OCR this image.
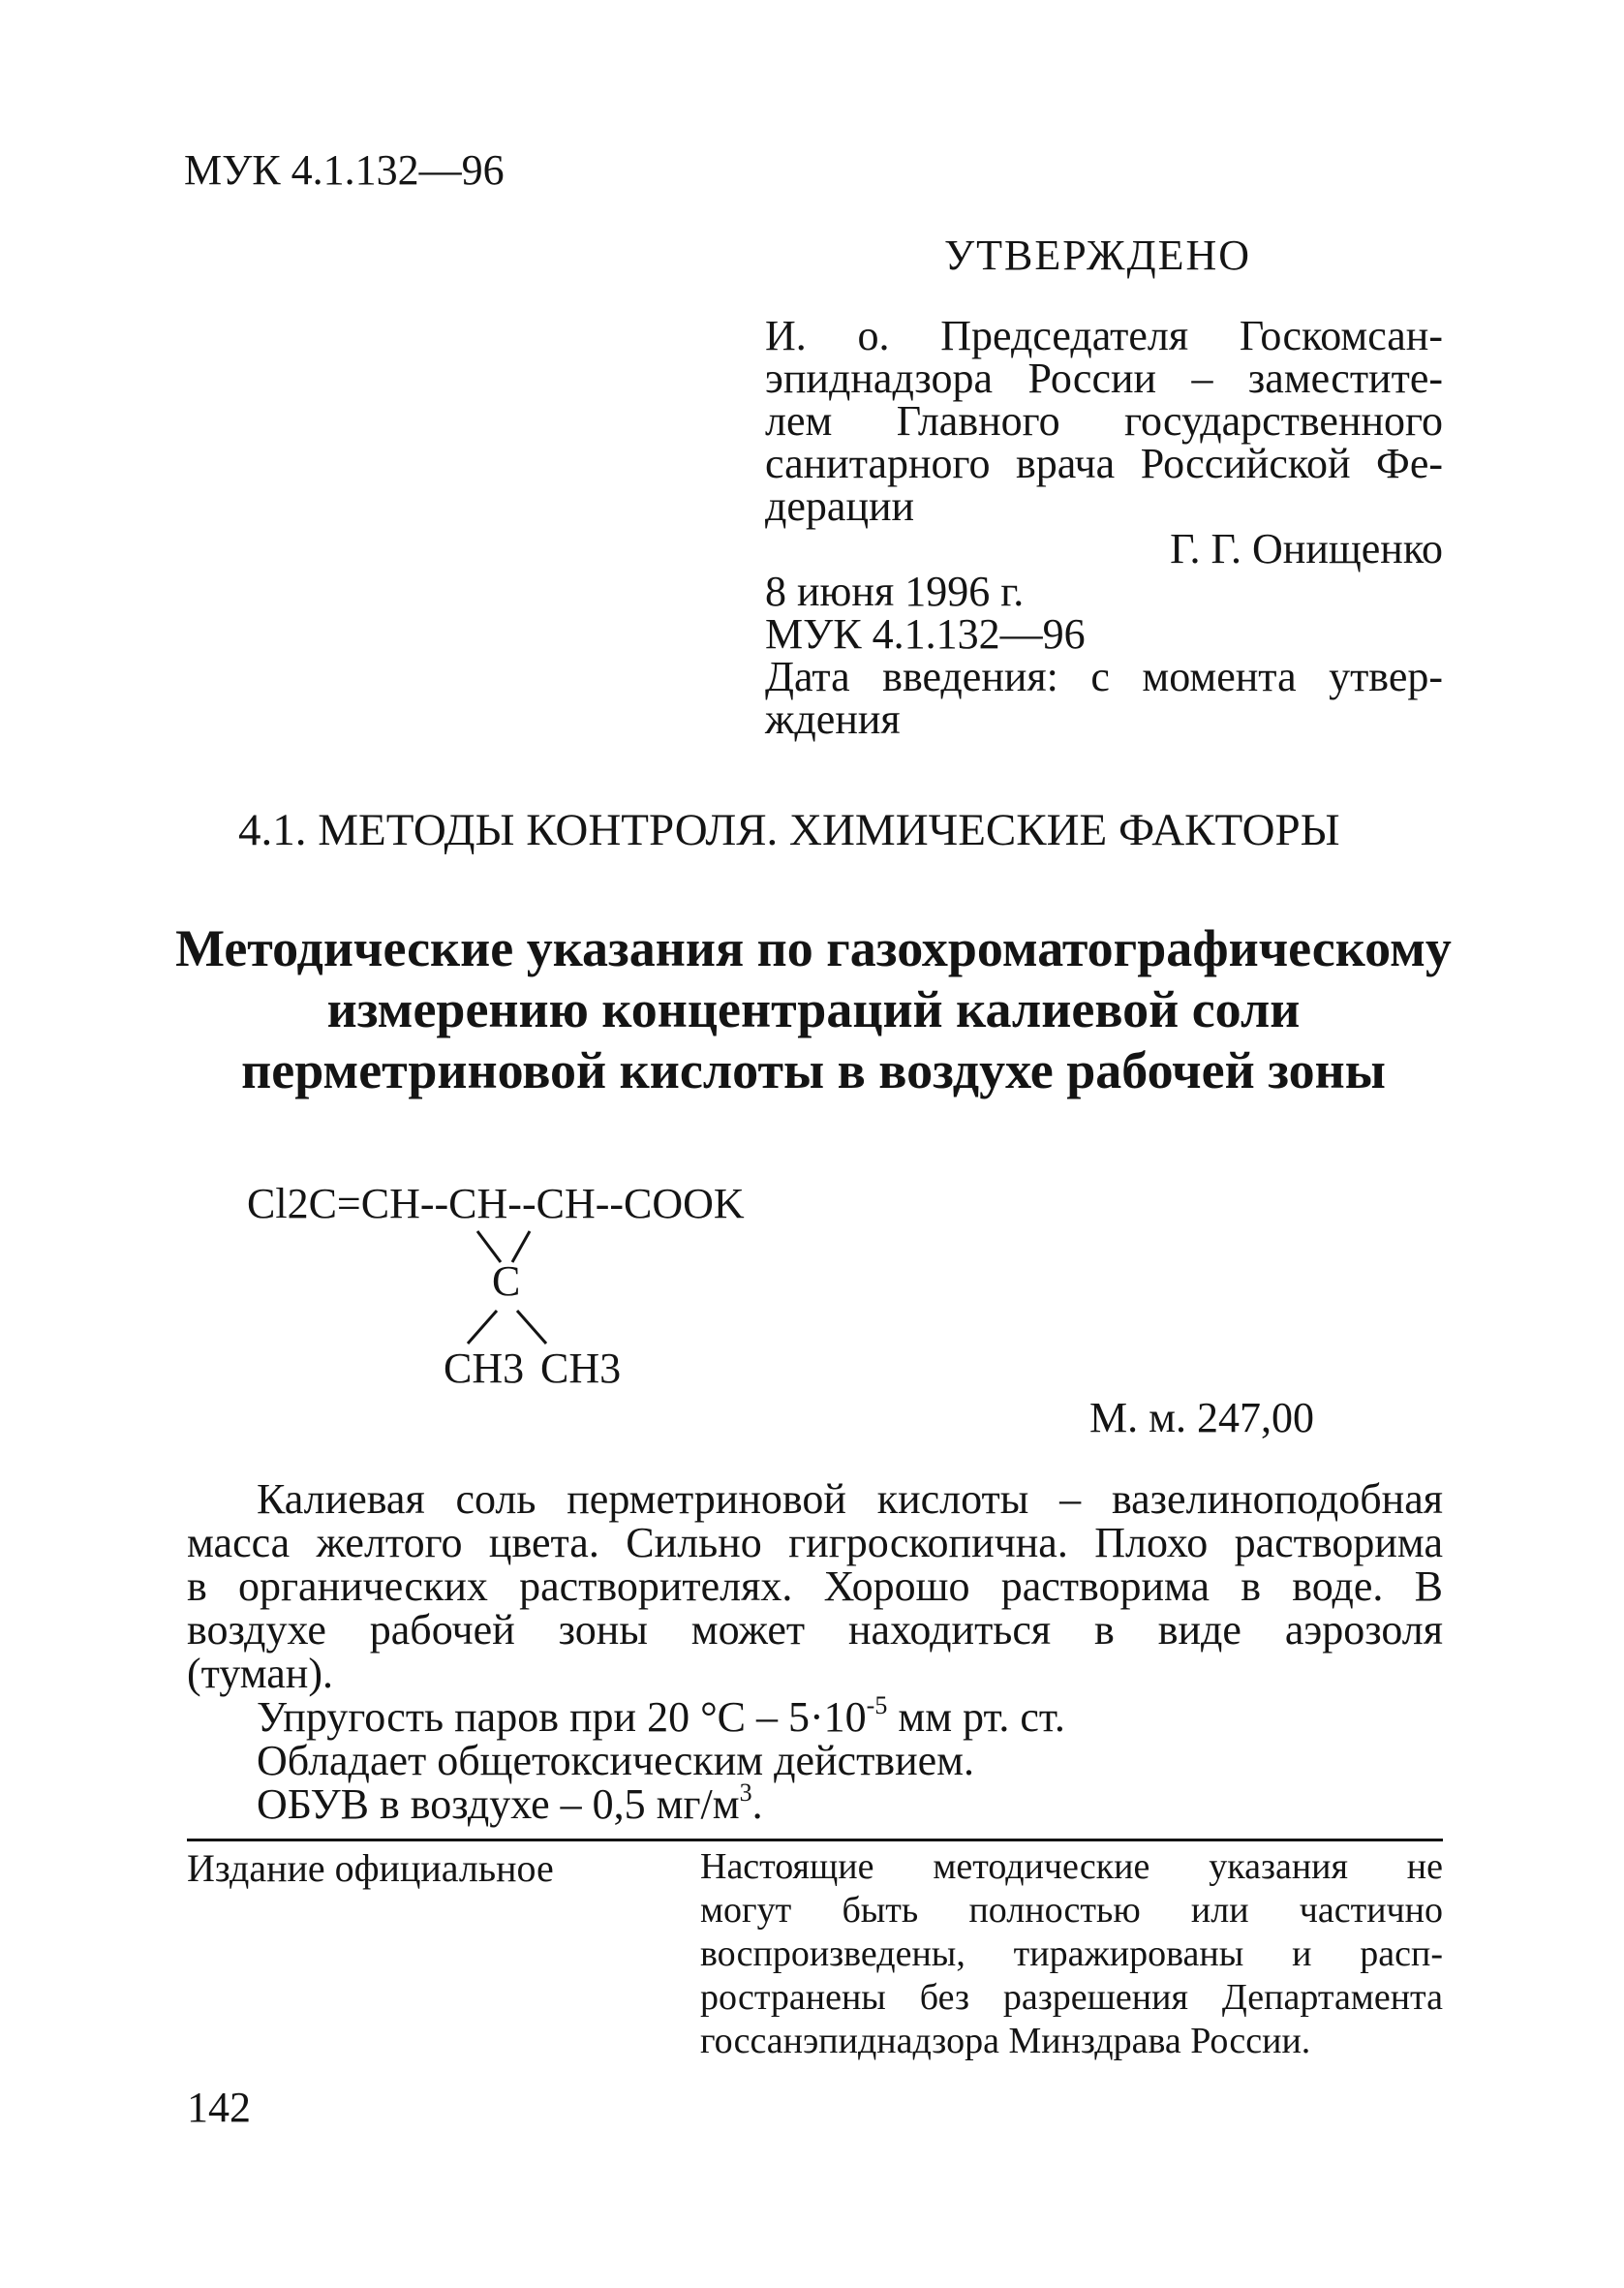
МУК 4.1.132—96
УТВЕРЖДЕНО
И. о. Председателя Госкомсан-
эпиднадзора России – заместите-
лем Главного государственного
санитарного врача Российской Фе-
дерации
Г. Г. Онищенко
8 июня 1996 г.
МУК 4.1.132—96
Дата введения: с момента утвер-
ждения
4.1. МЕТОДЫ КОНТРОЛЯ. ХИМИЧЕСКИЕ ФАКТОРЫ
Методические указания по газохроматографическому измерению концентраций калиевой соли перметриновой кислоты в воздухе рабочей зоны
Cl2C=CH--CH--CH--COOK
C
CH3 CH3
М. м. 247,00
Калиевая соль перметриновой кислоты – вазелиноподобная
масса желтого цвета. Сильно гигроскопична. Плохо растворима
в органических растворителях. Хорошо растворима в воде. В
воздухе рабочей зоны может находиться в виде аэрозоля
(туман).
Упругость паров при 20 $^\circ С - 5\cdot 10^{-5}$ мм рт. ст.
Обладает общетоксическим действием.
ОБУВ в воздухе – 0,5 $мг/м^3$.
Издание официальное	Настоящие методические указания не
могут быть полностью или частично
воспроизведены, тиражированы и расп-
ространены без разрешения Департамента
госсанэпиднадзора Минздрава России.
142
